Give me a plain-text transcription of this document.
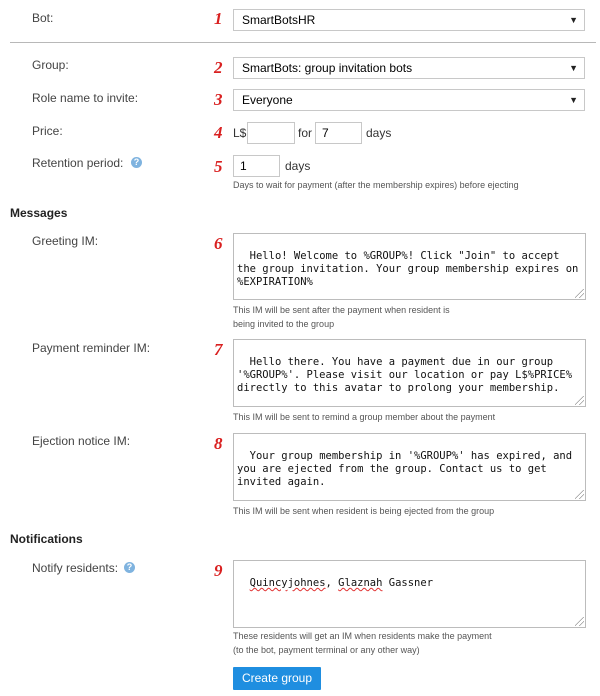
Bot:	1	SmartBotsHR	▼
Group:	2	SmartBots: group invitation bots	▼
Role name to invite:	3	Everyone	▼
Price:	4 L$	for 7	days
Retention period:	?	5	1	days
Days to wait for payment (after the membership expires) before ejecting
Messages
Greeting IM:	6

Hello! Welcome to %GROUP%! Click "Join" to accept the group invitation. Your group membership expires on %EXPIRATION%

This IM will be sent after the payment when resident is
being invited to the group
Payment reminder IM:	7

Hello there. You have a payment due in our group '%GROUP%'. Please visit our location or pay L$%PRICE% directly to this avatar to prolong your membership.

This IM will be sent to remind a group member about the payment
Ejection notice IM:	8

Your group membership in '%GROUP%' has expired, and you are ejected from the group. Contact us to get invited again.

This IM will be sent when resident is being ejected from the group
Notifications
Notify residents: ?	9

Quincyjohnes, Glaznah Gassner

These residents will get an IM when residents make the payment
(to the bot, payment terminal or any other way)
Create group
